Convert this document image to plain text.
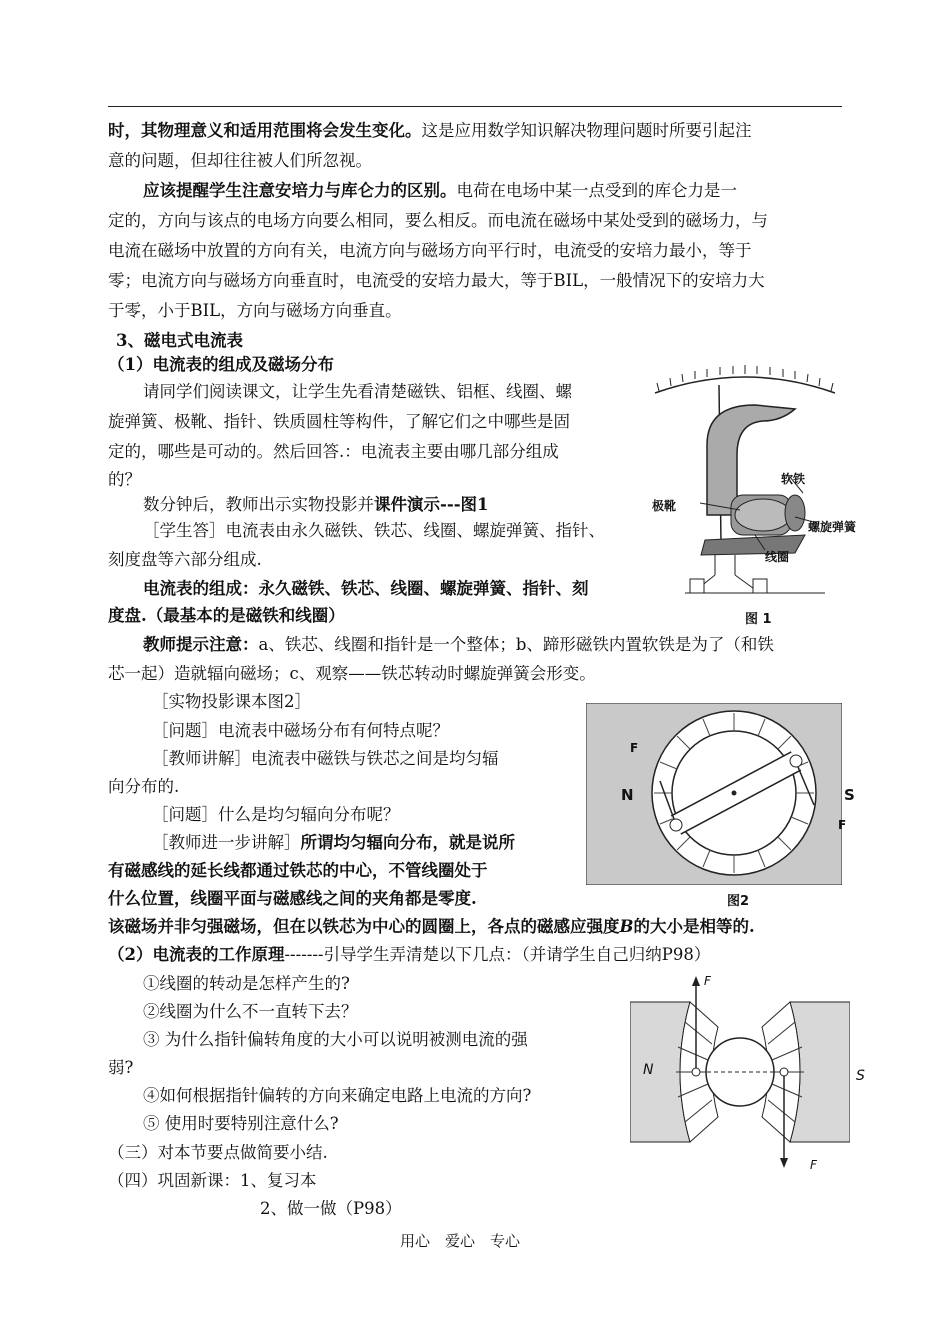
时，其物理意义和适用范围将会发生变化。这是应用数学知识解决物理问题时所要引起注
意的问题，但却往往被人们所忽视。
应该提醒学生注意安培力与库仑力的区别。电荷在电场中某一点受到的库仑力是一
定的，方向与该点的电场方向要么相同，要么相反。而电流在磁场中某处受到的磁场力，与
电流在磁场中放置的方向有关，电流方向与磁场方向平行时，电流受的安培力最小，等于
零；电流方向与磁场方向垂直时，电流受的安培力最大，等于BIL，一般情况下的安培力大
于零，小于BIL，方向与磁场方向垂直。
3、磁电式电流表
（1）电流表的组成及磁场分布
请同学们阅读课文，让学生先看清楚磁铁、铝框、线圈、螺
旋弹簧、极靴、指针、铁质圆柱等构件，了解它们之中哪些是固
定的，哪些是可动的。然后回答.：电流表主要由哪几部分组成
的？
数分钟后，教师出示实物投影并课件演示---图1
［学生答］电流表由永久磁铁、铁芯、线圈、螺旋弹簧、指针、
刻度盘等六部分组成.
电流表的组成：永久磁铁、铁芯、线圈、螺旋弹簧、指针、刻
度盘.（最基本的是磁铁和线圈）
教师提示注意：a、铁芯、线圈和指针是一个整体；b、蹄形磁铁内置软铁是为了（和铁
芯一起）造就辐向磁场；c、观察——铁芯转动时螺旋弹簧会形变。
［实物投影课本图2］
［问题］电流表中磁场分布有何特点呢？
［教师讲解］电流表中磁铁与铁芯之间是均匀辐
向分布的.
［问题］什么是均匀辐向分布呢？
［教师进一步讲解］所谓均匀辐向分布，就是说所
有磁感线的延长线都通过铁芯的中心，不管线圈处于
什么位置，线圈平面与磁感线之间的夹角都是零度.
该磁场并非匀强磁场，但在以铁芯为中心的圆圈上，各点的磁感应强度B的大小是相等的.
（2）电流表的工作原理-------引导学生弄清楚以下几点：（并请学生自己归纳P98）
①线圈的转动是怎样产生的?
②线圈为什么不一直转下去？
③ 为什么指针偏转角度的大小可以说明被测电流的强
弱?
④如何根据指针偏转的方向来确定电路上电流的方向?
⑤ 使用时要特别注意什么?
（三）对本节要点做简要小结.
（四）巩固新课：1、复习本
2、做一做（P98）
用心　爱心　专心
软铁
极靴
螺旋弹簧
线圈
图 1
F
N	S
F
图2
F
N	S
F
